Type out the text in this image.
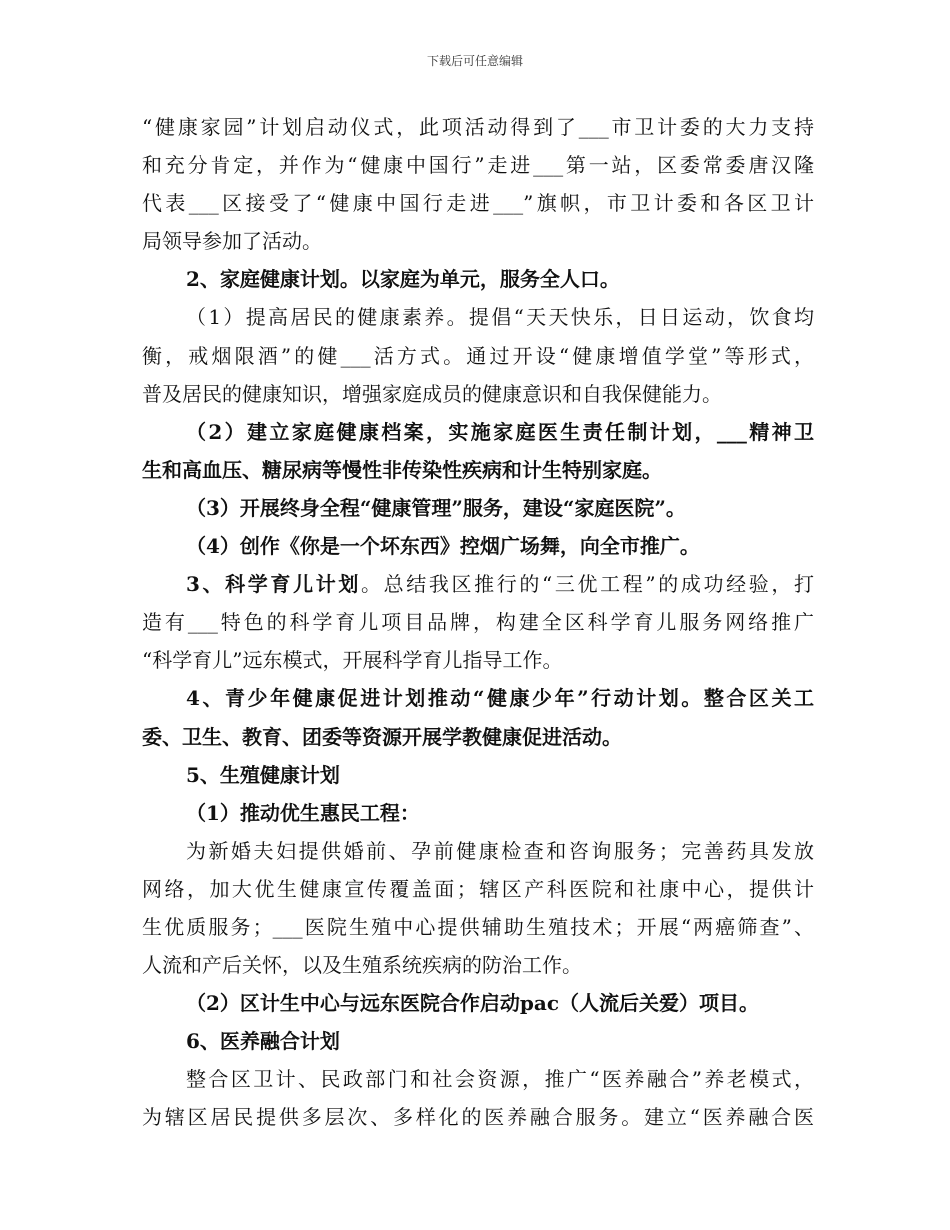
下载后可任意编辑
“健康家园”计划启动仪式，此项活动得到了___市卫计委的大力支持
和充分肯定，并作为“健康中国行”走进___第一站，区委常委唐汉隆
代表___区接受了“健康中国行走进___”旗帜，市卫计委和各区卫计
局领导参加了活动。
2、家庭健康计划。以家庭为单元，服务全人口。
（1）提高居民的健康素养。提倡“天天快乐，日日运动，饮食均
衡，戒烟限酒”的健___活方式。通过开设“健康增值学堂”等形式，
普及居民的健康知识，增强家庭成员的健康意识和自我保健能力。
（2）建立家庭健康档案，实施家庭医生责任制计划，___精神卫
生和高血压、糖尿病等慢性非传染性疾病和计生特别家庭。
（3）开展终身全程“健康管理”服务，建设“家庭医院”。
（4）创作《你是一个坏东西》控烟广场舞，向全市推广。
3、科学育儿计划。总结我区推行的“三优工程”的成功经验，打
造有___特色的科学育儿项目品牌，构建全区科学育儿服务网络推广
“科学育儿”远东模式，开展科学育儿指导工作。
4、青少年健康促进计划推动“健康少年”行动计划。整合区关工
委、卫生、教育、团委等资源开展学教健康促进活动。
5、生殖健康计划
（1）推动优生惠民工程：
为新婚夫妇提供婚前、孕前健康检查和咨询服务；完善药具发放
网络，加大优生健康宣传覆盖面；辖区产科医院和社康中心，提供计
生优质服务；___医院生殖中心提供辅助生殖技术；开展“两癌筛查”、
人流和产后关怀，以及生殖系统疾病的防治工作。
（2）区计生中心与远东医院合作启动pac（人流后关爱）项目。
6、医养融合计划
整合区卫计、民政部门和社会资源，推广“医养融合”养老模式，
为辖区居民提供多层次、多样化的医养融合服务。建立“医养融合医
